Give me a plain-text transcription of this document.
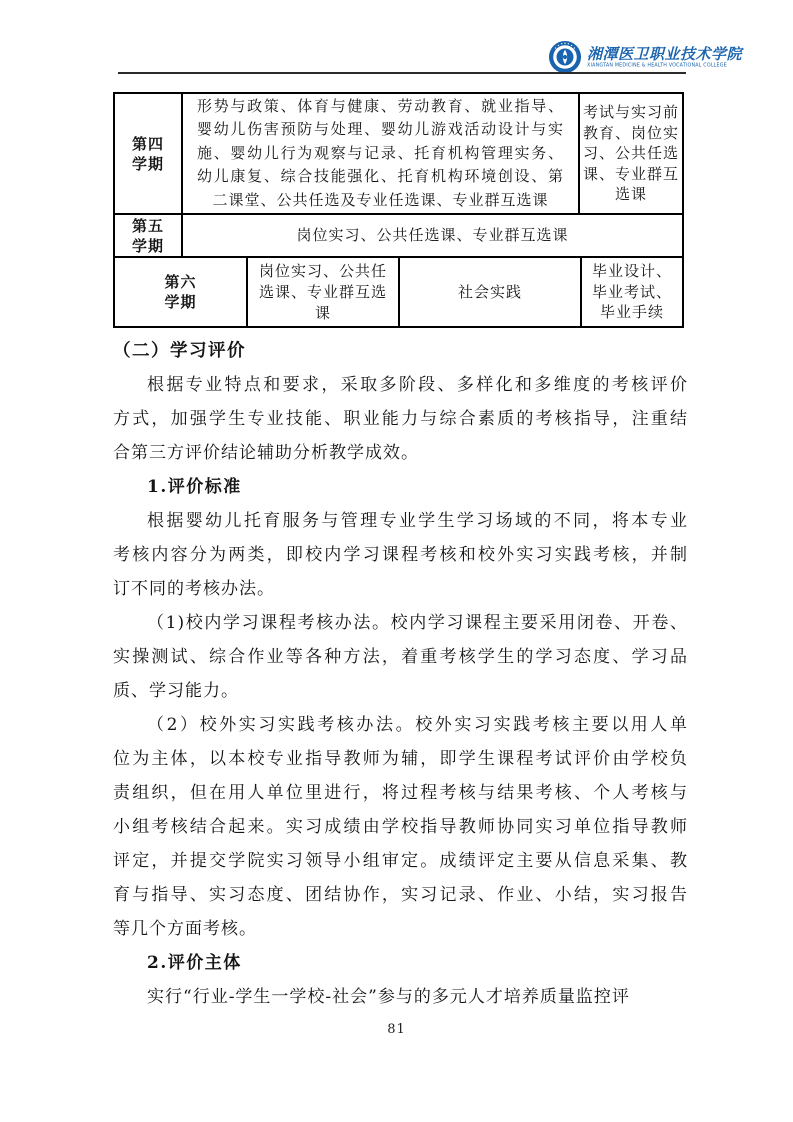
湘潭医卫职业技术学院
XIANGTAN MEDICINE & HEALTH VOCATIONAL COLLEGE
第四学期
形势与政策、体育与健康、劳动教育、就业指导、婴幼儿伤害预防与处理、婴幼儿游戏活动设计与实施、婴幼儿行为观察与记录、托育机构管理实务、幼儿康复、综合技能强化、托育机构环境创设、第二课堂、公共任选及专业任选课、专业群互选课
考试与实习前教育、岗位实习、公共任选课、专业群互选课
第五学期
岗位实习、公共任选课、专业群互选课
第六学期
岗位实习、公共任选课、专业群互选课
社会实践
毕业设计、毕业考试、毕业手续
（二）学习评价
根据专业特点和要求，采取多阶段、多样化和多维度的考核评价
方式，加强学生专业技能、职业能力与综合素质的考核指导，注重结
合第三方评价结论辅助分析教学成效。
1.评价标准
根据婴幼儿托育服务与管理专业学生学习场域的不同，将本专业
考核内容分为两类，即校内学习课程考核和校外实习实践考核，并制
订不同的考核办法。
（1)校内学习课程考核办法。校内学习课程主要采用闭卷、开卷、
实操测试、综合作业等各种方法，着重考核学生的学习态度、学习品
质、学习能力。
（2）校外实习实践考核办法。校外实习实践考核主要以用人单
位为主体，以本校专业指导教师为辅，即学生课程考试评价由学校负
责组织，但在用人单位里进行，将过程考核与结果考核、个人考核与
小组考核结合起来。实习成绩由学校指导教师协同实习单位指导教师
评定，并提交学院实习领导小组审定。成绩评定主要从信息采集、教
育与指导、实习态度、团结协作，实习记录、作业、小结，实习报告
等几个方面考核。
2.评价主体
实行“行业-学生一学校-社会”参与的多元人才培养质量监控评
81
